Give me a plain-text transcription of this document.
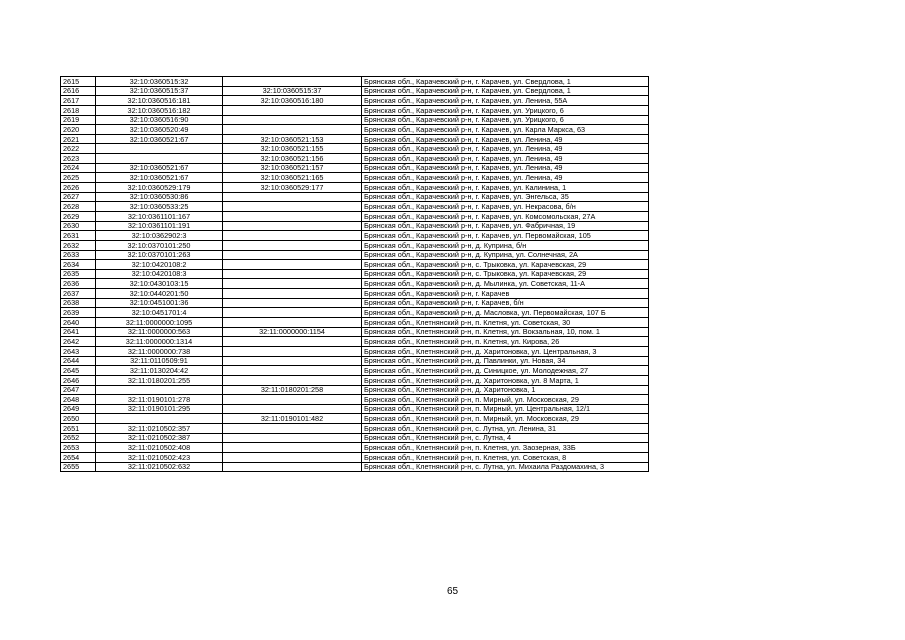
2615	32:10:0360515:32		Брянская обл., Карачевский р-н, г. Карачев, ул. Свердлова, 1
2616	32:10:0360515:37	32:10:0360515:37	Брянская обл., Карачевский р-н, г. Карачев, ул. Свердлова, 1
2617	32:10:0360516:181	32:10:0360516:180	Брянская обл., Карачевский р-н, г. Карачев, ул. Ленина, 55А
2618	32:10:0360516:182		Брянская обл., Карачевский р-н, г. Карачев, ул. Урицкого, 6
2619	32:10:0360516:90		Брянская обл., Карачевский р-н, г. Карачев, ул. Урицкого, 6
2620	32:10:0360520:49		Брянская обл., Карачевский р-н, г. Карачев, ул. Карла Маркса, 63
2621	32:10:0360521:67	32:10:0360521:153	Брянская обл., Карачевский р-н, г. Карачев, ул. Ленина, 49
2622		32:10:0360521:155	Брянская обл., Карачевский р-н, г. Карачев, ул. Ленина, 49
2623		32:10:0360521:156	Брянская обл., Карачевский р-н, г. Карачев, ул. Ленина, 49
2624	32:10:0360521:67	32:10:0360521:157	Брянская обл., Карачевский р-н, г. Карачев, ул. Ленина, 49
2625	32:10:0360521:67	32:10:0360521:165	Брянская обл., Карачевский р-н, г. Карачев, ул. Ленина, 49
2626	32:10:0360529:179	32:10:0360529:177	Брянская обл., Карачевский р-н, г. Карачев, ул. Калинина, 1
2627	32:10:0360530:86		Брянская обл., Карачевский р-н, г. Карачев, ул. Энгельса, 35
2628	32:10:0360533:25		Брянская обл., Карачевский р-н, г. Карачев, ул. Некрасова, б/н
2629	32:10:0361101:167		Брянская обл., Карачевский р-н, г. Карачев, ул. Комсомольская, 27А
2630	32:10:0361101:191		Брянская обл., Карачевский р-н, г. Карачев, ул. Фабричная, 19
2631	32:10:0362902:3		Брянская обл., Карачевский р-н, г. Карачев, ул. Первомайская, 105
2632	32:10:0370101:250		Брянская обл., Карачевский р-н, д. Куприна, б/н
2633	32:10:0370101:263		Брянская обл., Карачевский р-н, д. Куприна, ул. Солнечная, 2А
2634	32:10:0420108:2		Брянская обл., Карачевский р-н, с. Трыковка, ул. Карачевская, 29
2635	32:10:0420108:3		Брянская обл., Карачевский р-н, с. Трыковка, ул. Карачевская, 29
2636	32:10:0430103:15		Брянская обл., Карачевский р-н, д. Мылинка, ул. Советская, 11-А
2637	32:10:0440201:50		Брянская обл., Карачевский р-н, г. Карачев
2638	32:10:0451001:36		Брянская обл., Карачевский р-н, г. Карачев, б/н
2639	32:10:0451701:4		Брянская обл., Карачевский р-н, д. Масловка, ул. Первомайская, 107 Б
2640	32:11:0000000:1095		Брянская обл., Клетнянский р-н, п. Клетня, ул. Советская, 30
2641	32:11:0000000:563	32:11:0000000:1154	Брянская обл., Клетнянский р-н, п. Клетня, ул. Вокзальная, 10, пом. 1
2642	32:11:0000000:1314		Брянская обл., Клетнянский р-н, п. Клетня, ул. Кирова, 26
2643	32:11:0000000:738		Брянская обл., Клетнянский р-н, д. Харитоновка, ул. Центральная, 3
2644	32:11:0110509:91		Брянская обл., Клетнянский р-н, д. Павлинки, ул. Новая, 34
2645	32:11:0130204:42		Брянская обл., Клетнянский р-н, д. Синицкое, ул. Молодежная, 27
2646	32:11:0180201:255		Брянская обл., Клетнянский р-н, д. Харитоновка, ул. 8 Марта, 1
2647		32:11:0180201:258	Брянская обл., Клетнянский р-н, д. Харитоновка, 1
2648	32:11:0190101:278		Брянская обл., Клетнянский р-н, п. Мирный, ул. Московская, 29
2649	32:11:0190101:295		Брянская обл., Клетнянский р-н, п. Мирный, ул. Центральная, 12/1
2650		32:11:0190101:482	Брянская обл., Клетнянский р-н, п. Мирный, ул. Московская, 29
2651	32:11:0210502:357		Брянская обл., Клетнянский р-н, с. Лутна, ул. Ленина, 31
2652	32:11:0210502:387		Брянская обл., Клетнянский р-н, с. Лутна, 4
2653	32:11:0210502:408		Брянская обл., Клетнянский р-н, п. Клетня, ул. Заозерная, 33Б
2654	32:11:0210502:423		Брянская обл., Клетнянский р-н, п. Клетня, ул. Советская, 8
2655	32:11:0210502:632		Брянская обл., Клетнянский р-н, с. Лутна, ул. Михаила Раздомахина, 3
65
